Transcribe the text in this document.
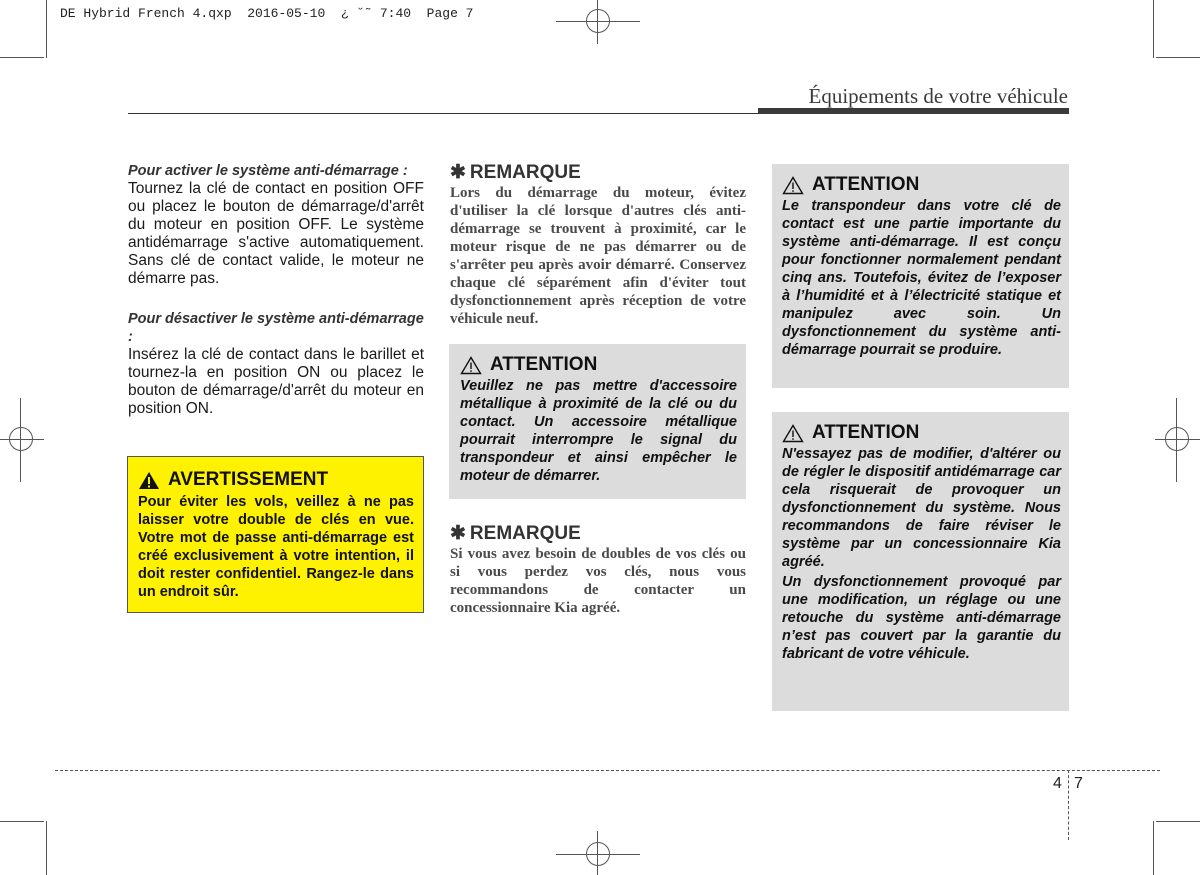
DE Hybrid French 4.qxp  2016-05-10  ¿ ˘˜ 7:40  Page 7
Équipements de votre véhicule

Pour activer le système anti-démarrage :

Tournez la clé de contact en position OFF ou placez le bouton de démarrage/d'arrêt du moteur en position OFF. Le système antidémarrage s'active automatiquement. Sans clé de contact valide, le moteur ne démarre pas.

Pour désactiver le système anti-démarrage :

Insérez la clé de contact dans le barillet et tournez-la en position ON ou placez le bouton de démarrage/d'arrêt du moteur en position ON.

AVERTISSEMENT

Pour éviter les vols, veillez à ne pas laisser votre double de clés en vue. Votre mot de passe anti-démarrage est créé exclusivement à votre intention, il doit rester confidentiel. Rangez-le dans un endroit sûr.

✱ REMARQUE

Lors du démarrage du moteur, évitez d'utiliser la clé lorsque d'autres clés anti-démarrage se trouvent à proximité, car le moteur risque de ne pas démarrer ou de s'arrêter peu après avoir démarré. Conservez chaque clé séparément afin d'éviter tout dysfonctionnement après réception de votre véhicule neuf.

ATTENTION

Veuillez ne pas mettre d'accessoire métallique à proximité de la clé ou du contact. Un accessoire métallique pourrait interrompre le signal du transpondeur et ainsi empêcher le moteur de démarrer.

✱ REMARQUE

Si vous avez besoin de doubles de vos clés ou si vous perdez vos clés, nous vous recommandons de contacter un concessionnaire Kia agréé.

ATTENTION

Le transpondeur dans votre clé de contact est une partie importante du système anti-démarrage. Il est conçu pour fonctionner normalement pendant cinq ans. Toutefois, évitez de l’exposer à l’humidité et à l’électricité statique et manipulez avec soin. Un dysfonctionnement du système anti-démarrage pourrait se produire.

ATTENTION

N'essayez pas de modifier, d'altérer ou de régler le dispositif antidémarrage car cela risquerait de provoquer un dysfonctionnement du système. Nous recommandons de faire réviser le système par un concessionnaire Kia agréé.

Un dysfonctionnement provoqué par une modification, un réglage ou une retouche du système anti-démarrage n’est pas couvert par la garantie du fabricant de votre véhicule.

4 7
